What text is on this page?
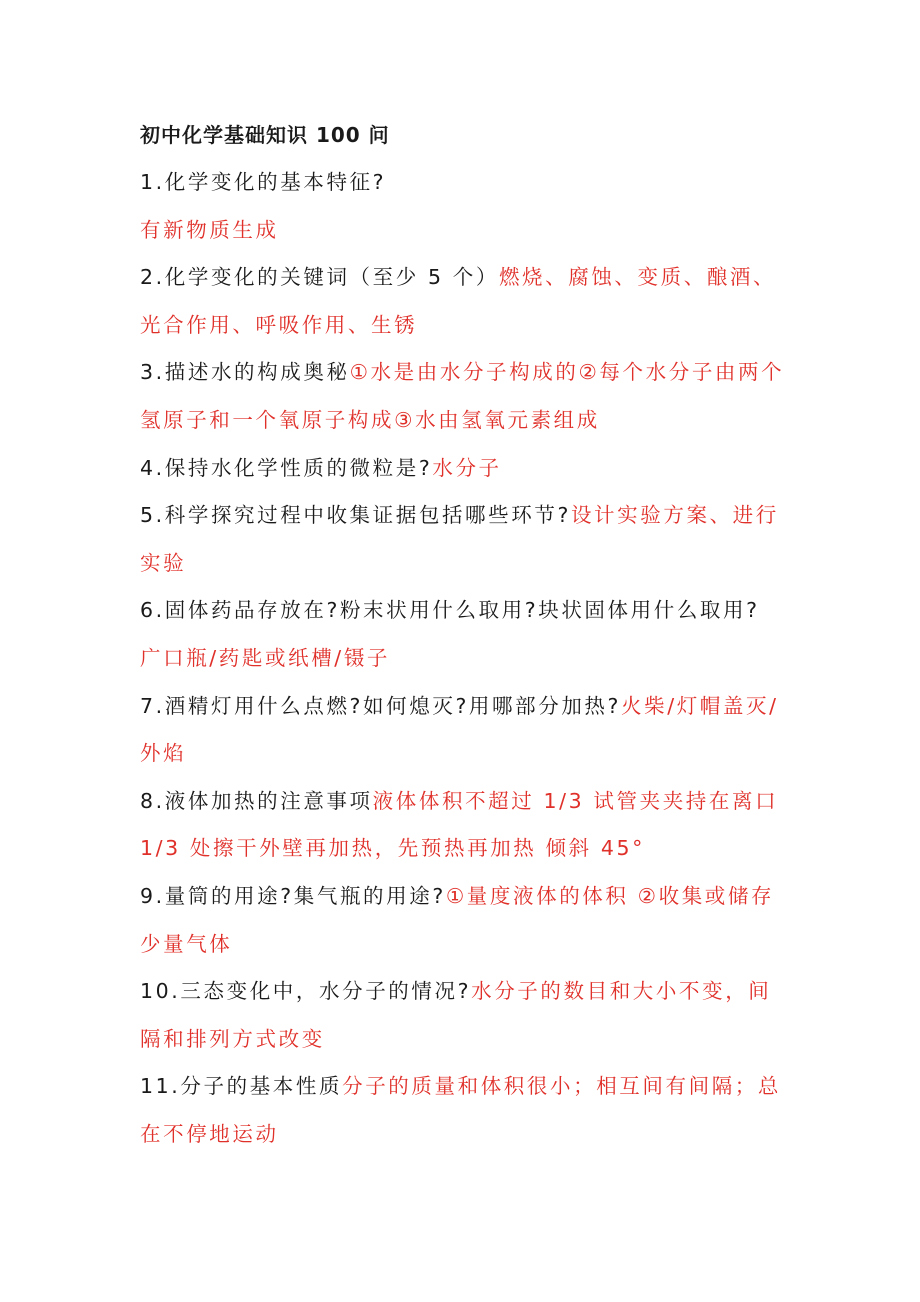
初中化学基础知识 100 问

1.化学变化的基本特征?
有新物质生成

2.化学变化的关键词（至少 5 个）燃烧、腐蚀、变质、酿酒、光合作用、呼吸作用、生锈

3.描述水的构成奥秘①水是由水分子构成的②每个水分子由两个氢原子和一个氧原子构成③水由氢氧元素组成

4.保持水化学性质的微粒是?水分子

5.科学探究过程中收集证据包括哪些环节?设计实验方案、进行实验

6.固体药品存放在?粉末状用什么取用?块状固体用什么取用?
广口瓶/药匙或纸槽/镊子

7.酒精灯用什么点燃?如何熄灭?用哪部分加热?火柴/灯帽盖灭/外焰

8.液体加热的注意事项液体体积不超过 1/3 试管夹夹持在离口 1/3 处擦干外壁再加热，先预热再加热 倾斜 45°

9.量筒的用途?集气瓶的用途?①量度液体的体积 ②收集或储存少量气体

10.三态变化中，水分子的情况?水分子的数目和大小不变，间隔和排列方式改变

11.分子的基本性质分子的质量和体积很小；相互间有间隔；总在不停地运动
